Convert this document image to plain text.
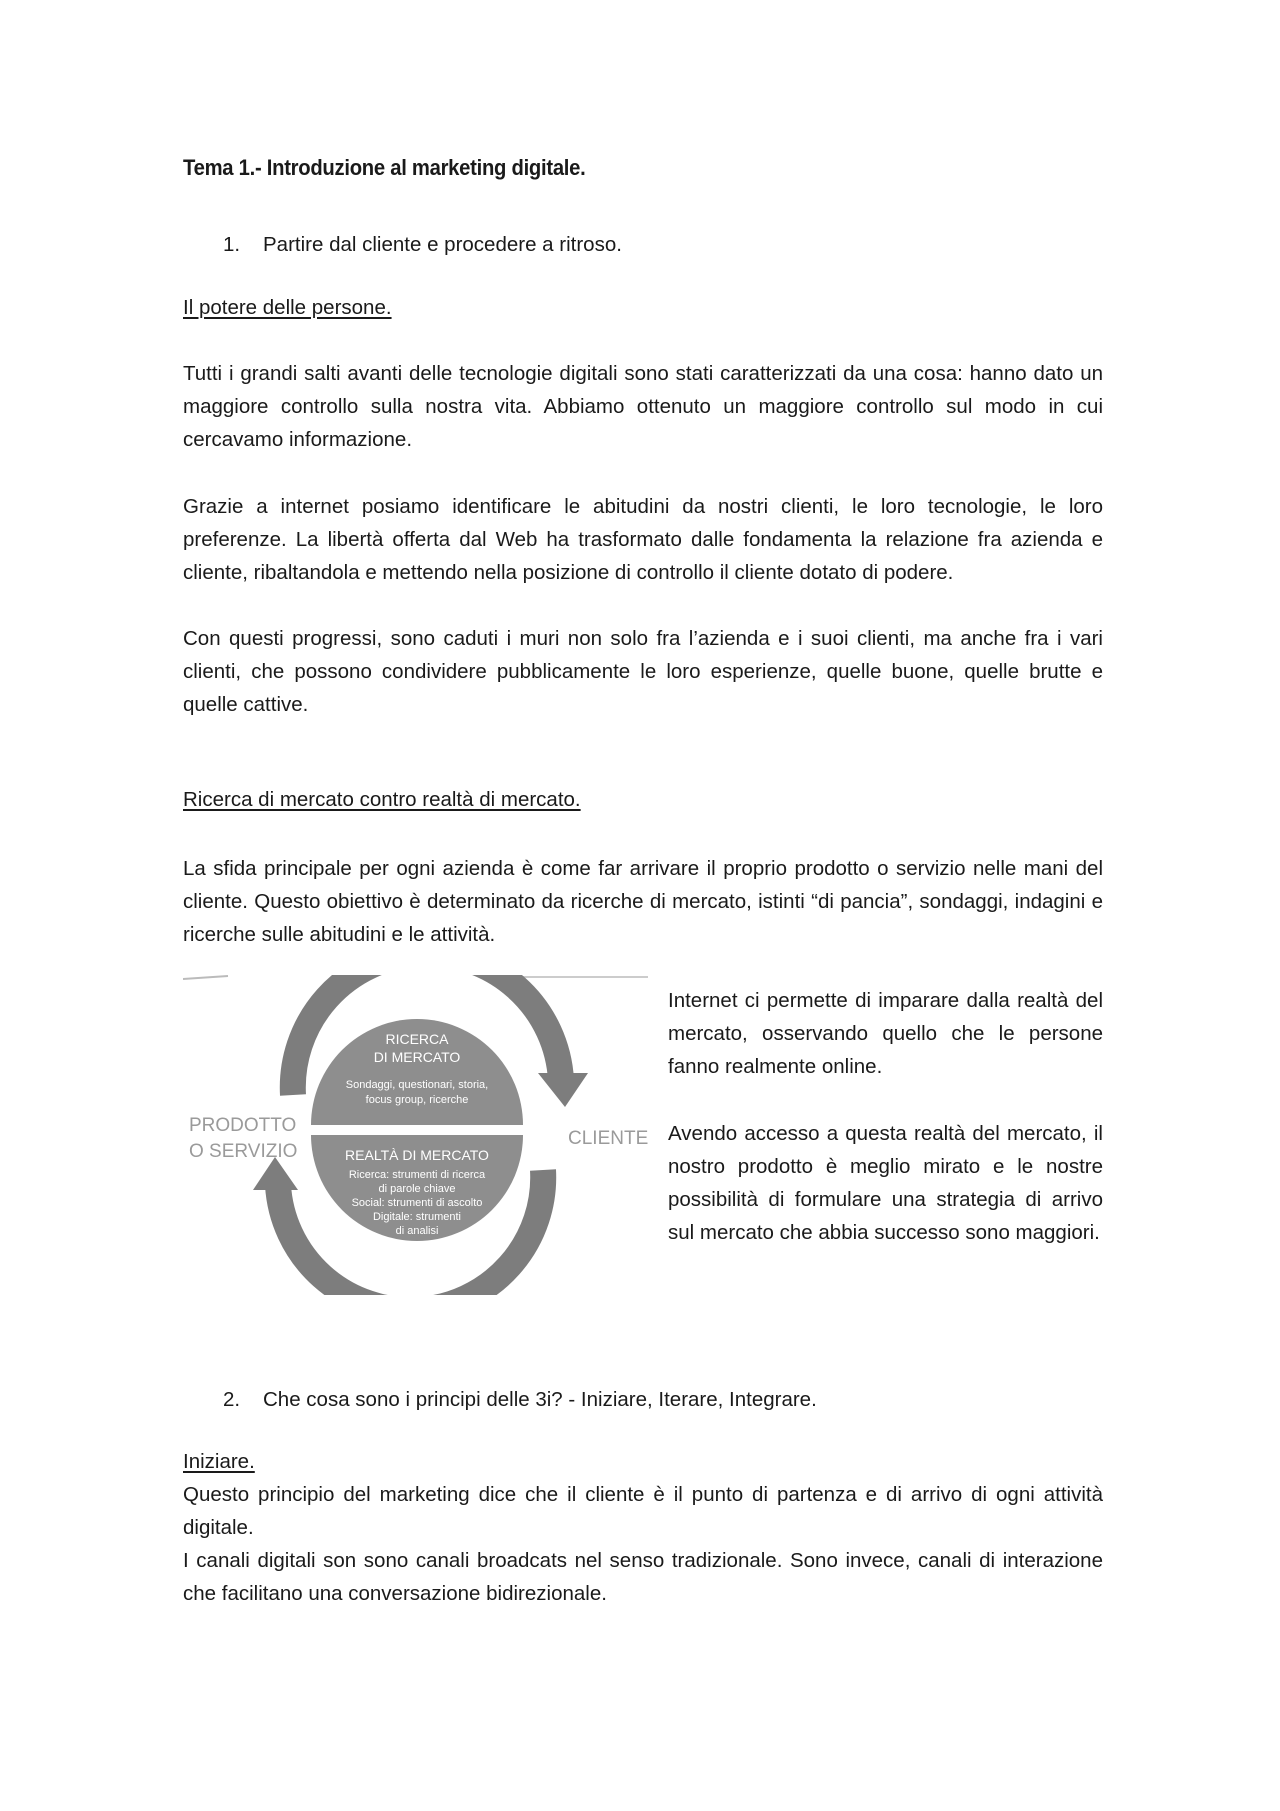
Tema 1.- Introduzione al marketing digitale.
1. Partire dal cliente e procedere a ritroso.
Il potere delle persone.
Tutti i grandi salti avanti delle tecnologie digitali sono stati caratterizzati da una cosa: hanno dato un maggiore controllo sulla nostra vita. Abbiamo ottenuto un maggiore controllo sul modo in cui cercavamo informazione.
Grazie a internet posiamo identificare le abitudini da nostri clienti, le loro tecnologie, le loro preferenze. La libertà offerta dal Web ha trasformato dalle fondamenta la relazione fra azienda e cliente, ribaltandola e mettendo nella posizione di controllo il cliente dotato di podere.
Con questi progressi, sono caduti i muri non solo fra l’azienda e i suoi clienti, ma anche fra i vari clienti, che possono condividere pubblicamente le loro esperienze, quelle buone, quelle brutte e quelle cattive.
Ricerca di mercato contro realtà di mercato.
La sfida principale per ogni azienda è come far arrivare il proprio prodotto o servizio nelle mani del cliente. Questo obiettivo è determinato da ricerche di mercato, istinti “di pancia”, sondaggi, indagini e ricerche sulle abitudini e le attività.
PRODOTTO
O SERVIZIO
CLIENTE
RICERCA
DI MERCATO
Sondaggi, questionari, storia,
focus group, ricerche
REALTÀ DI MERCATO
Ricerca: strumenti di ricerca
di parole chiave
Social: strumenti di ascolto
Digitale: strumenti
di analisi
Internet ci permette di imparare dalla realtà del mercato, osservando quello che le persone fanno realmente online.
Avendo accesso a questa realtà del mercato, il nostro prodotto è meglio mirato e le nostre possibilità di formulare una strategia di arrivo sul mercato che abbia successo sono maggiori.
2. Che cosa sono i principi delle 3i? - Iniziare, Iterare, Integrare.
Iniziare.
Questo principio del marketing dice che il cliente è il punto di partenza e di arrivo di ogni attività digitale.
I canali digitali son sono canali broadcats nel senso tradizionale. Sono invece, canali di interazione che facilitano una conversazione bidirezionale.
